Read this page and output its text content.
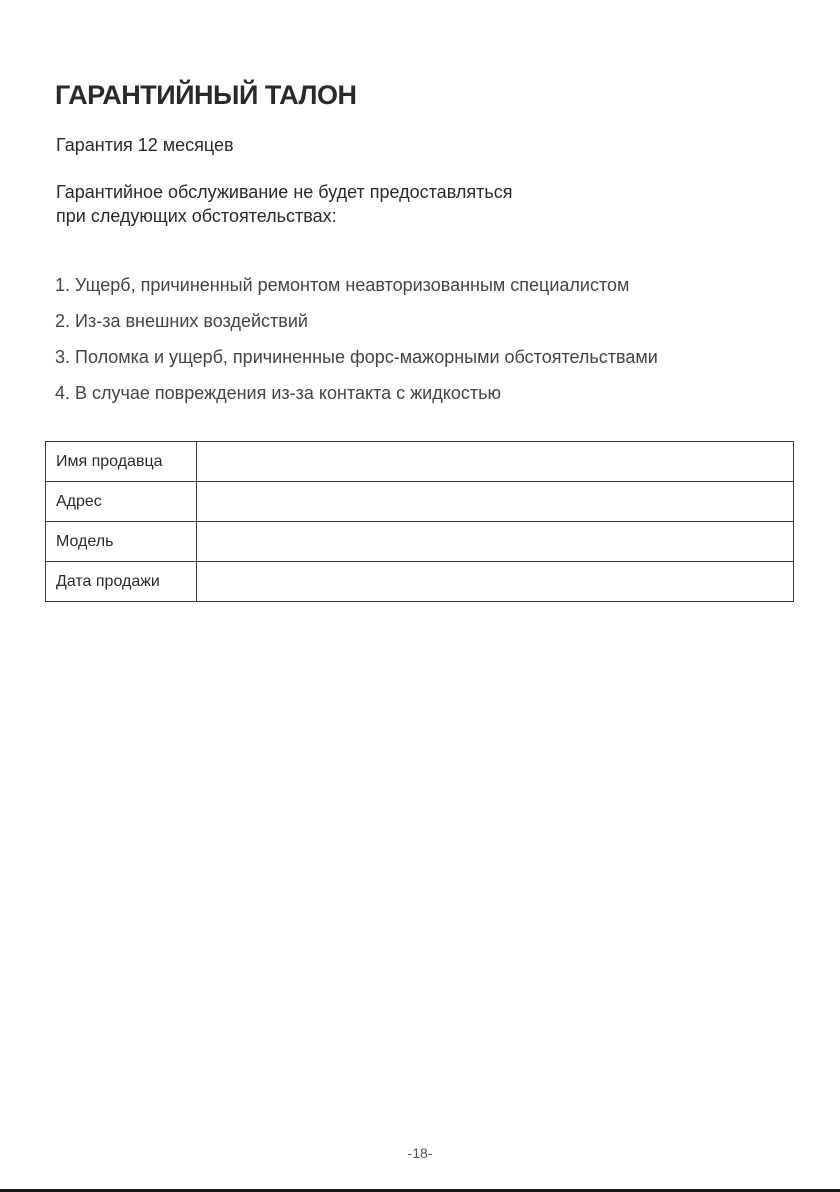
ГАРАНТИЙНЫЙ ТАЛОН
Гарантия 12 месяцев
Гарантийное обслуживание не будет предоставляться
при следующих обстоятельствах:
1. Ущерб, причиненный ремонтом неавторизованным специалистом
2. Из-за внешних воздействий
3. Поломка и ущерб, причиненные форс-мажорными обстоятельствами
4. В случае повреждения из-за контакта с жидкостью
Имя продавца	
Адрес	
Модель	
Дата продажи	
-18-
